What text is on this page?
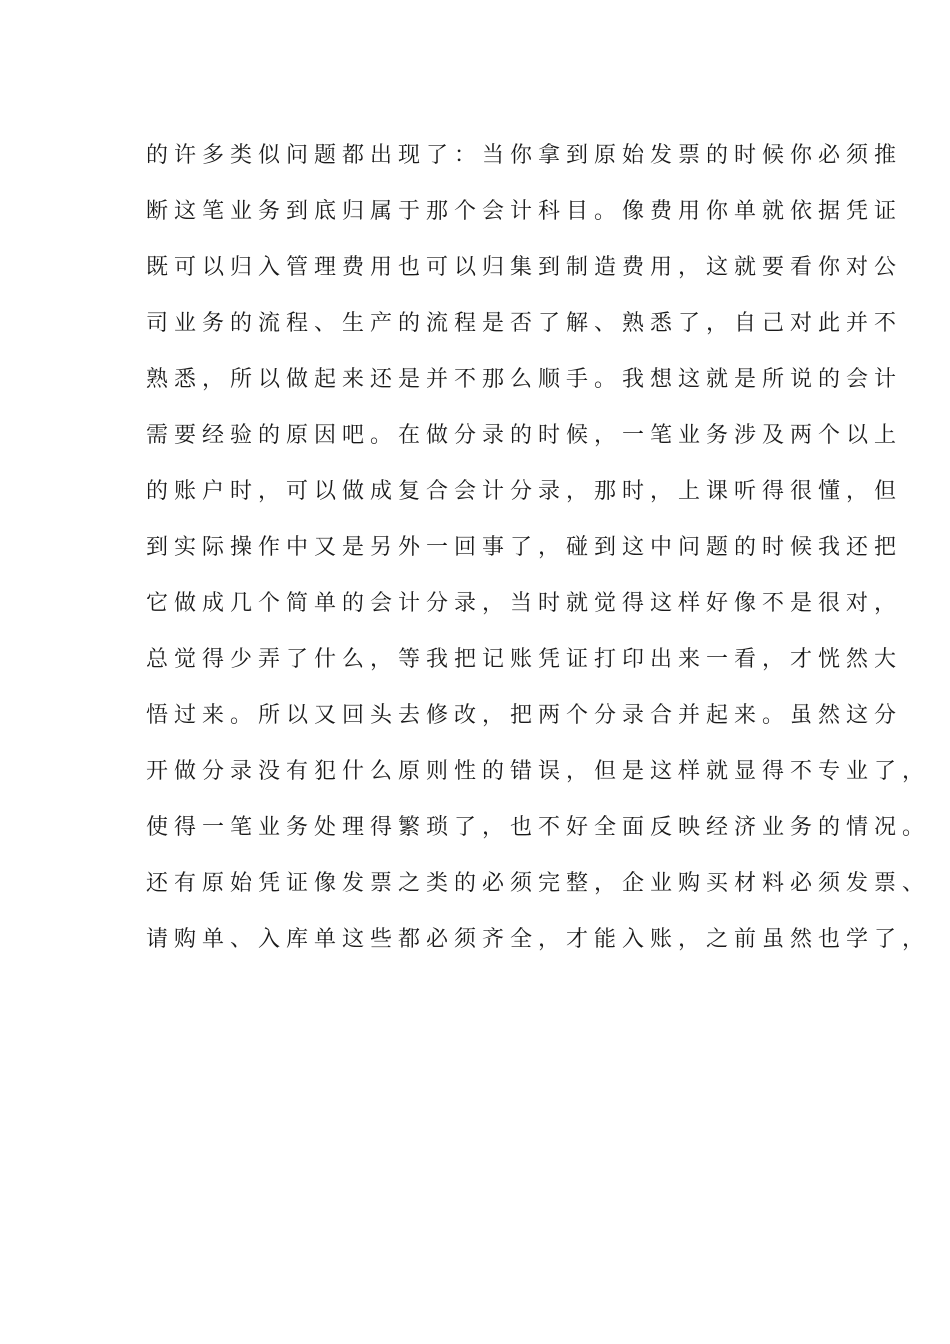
的许多类似问题都出现了：当你拿到原始发票的时候你必须推
断这笔业务到底归属于那个会计科目。像费用你单就依据凭证
既可以归入管理费用也可以归集到制造费用，这就要看你对公
司业务的流程、生产的流程是否了解、熟悉了，自己对此并不
熟悉，所以做起来还是并不那么顺手。我想这就是所说的会计
需要经验的原因吧。在做分录的时候，一笔业务涉及两个以上
的账户时，可以做成复合会计分录，那时，上课听得很懂，但
到实际操作中又是另外一回事了，碰到这中问题的时候我还把
它做成几个简单的会计分录，当时就觉得这样好像不是很对，
总觉得少弄了什么，等我把记账凭证打印出来一看，才恍然大
悟过来。所以又回头去修改，把两个分录合并起来。虽然这分
开做分录没有犯什么原则性的错误，但是这样就显得不专业了，
使得一笔业务处理得繁琐了，也不好全面反映经济业务的情况。
还有原始凭证像发票之类的必须完整，企业购买材料必须发票、
请购单、入库单这些都必须齐全，才能入账，之前虽然也学了，
